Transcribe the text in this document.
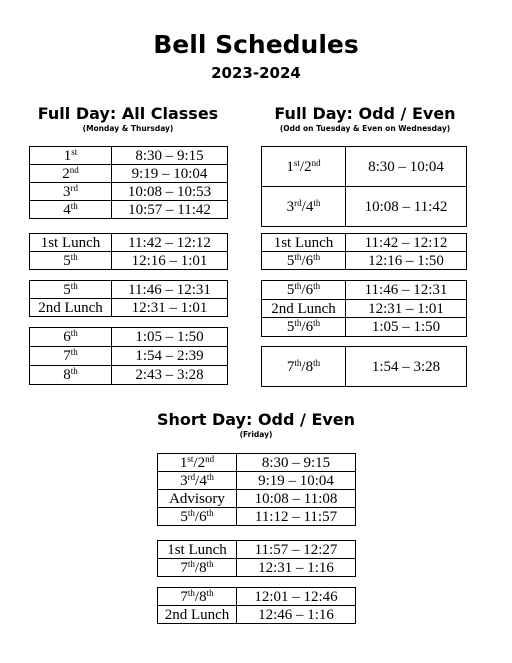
Bell Schedules
2023-2024
Full Day: All Classes
(Monday & Thursday)
1st	8:30 – 9:15
2nd	9:19 – 10:04
3rd	10:08 – 10:53
4th	10:57 – 11:42
1st Lunch	11:42 – 12:12
5th	12:16 – 1:01
5th	11:46 – 12:31
2nd Lunch	12:31 – 1:01
6th	1:05 – 1:50
7th	1:54 – 2:39
8th	2:43 – 3:28
Full Day: Odd / Even
(Odd on Tuesday & Even on Wednesday)
1st/2nd	8:30 – 10:04
3rd/4th	10:08 – 11:42
1st Lunch	11:42 – 12:12
5th/6th	12:16 – 1:50
5th/6th	11:46 – 12:31
2nd Lunch	12:31 – 1:01
5th/6th	1:05 – 1:50
7th/8th	1:54 – 3:28
Short Day: Odd / Even
(Friday)
1st/2nd	8:30 – 9:15
3rd/4th	9:19 – 10:04
Advisory	10:08 – 11:08
5th/6th	11:12 – 11:57
1st Lunch	11:57 – 12:27
7th/8th	12:31 – 1:16
7th/8th	12:01 – 12:46
2nd Lunch	12:46 – 1:16
